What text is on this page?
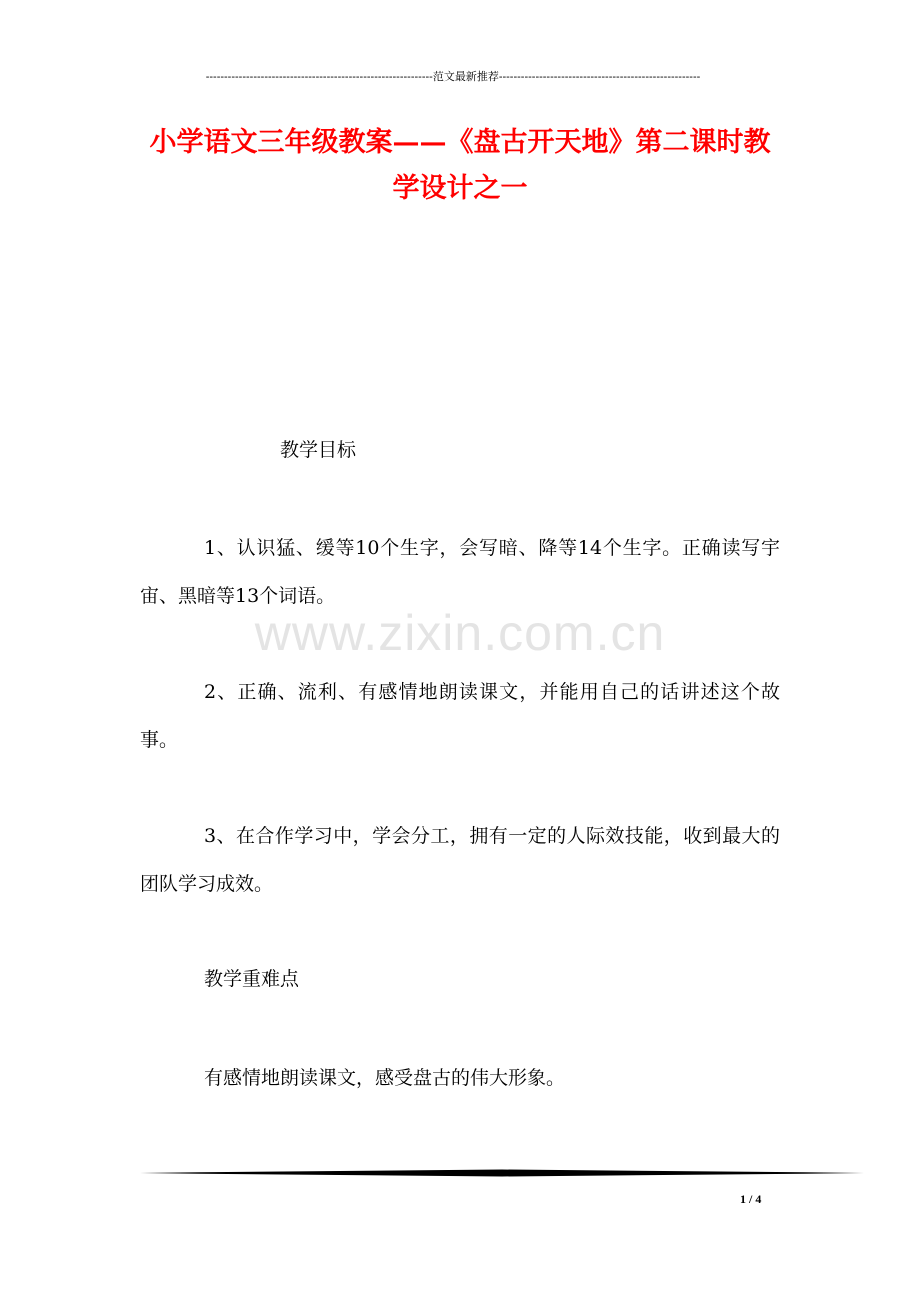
--------------------------------------------------------------范文最新推荐-------------------------------------------------------
小学语文三年级教案——《盘古开天地》第二课时教学设计之一
www.zixin.com.cn
教学目标
1、认识猛、缓等10个生字，会写暗、降等14个生字。正确读写宇宙、黑暗等13个词语。
2、正确、流利、有感情地朗读课文，并能用自己的话讲述这个故事。
3、在合作学习中，学会分工，拥有一定的人际效技能，收到最大的团队学习成效。
教学重难点
有感情地朗读课文，感受盘古的伟大形象。
1 / 4
